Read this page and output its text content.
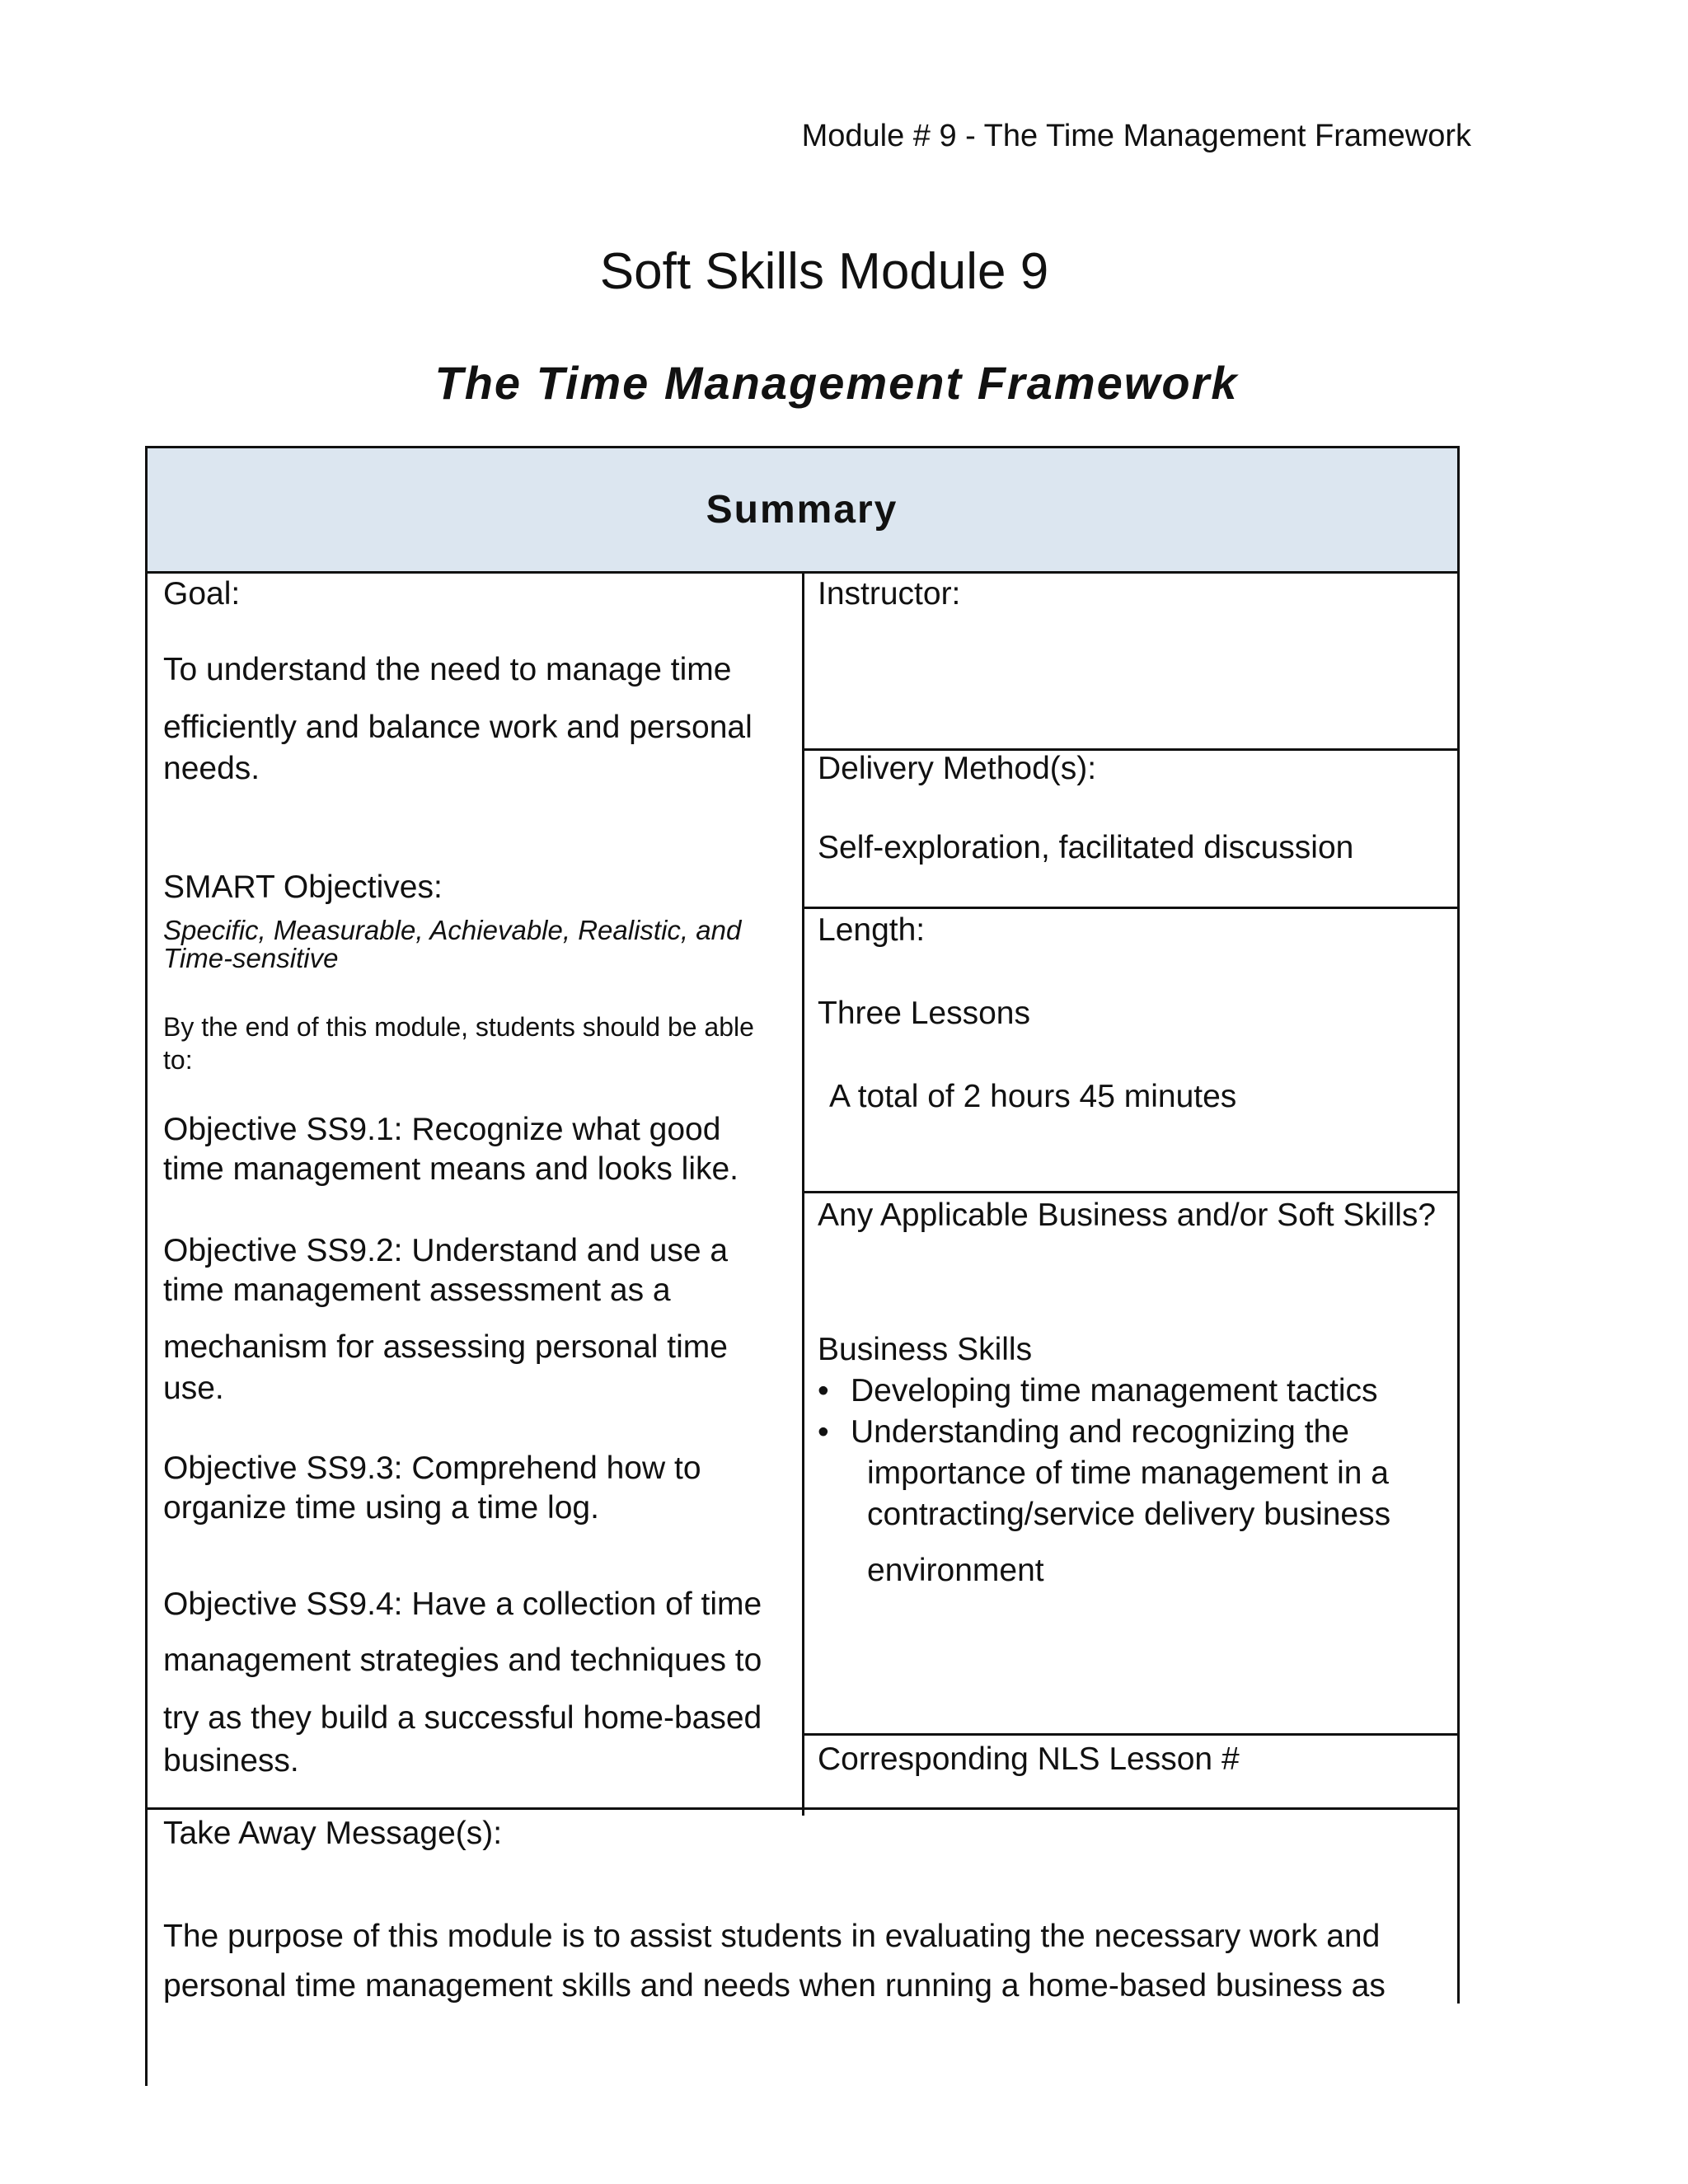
Module # 9 - The Time Management Framework
Soft Skills Module 9
The Time Management Framework
Summary
Goal:
To understand the need to manage time
efficiently and balance work and personal
needs.
SMART Objectives:
Specific, Measurable, Achievable, Realistic, and Time-sensitive
By the end of this module, students should be able to:
Objective SS9.1: Recognize what good
time management means and looks like.
Objective SS9.2: Understand and use a
time management assessment as a
mechanism for assessing personal time
use.
Objective SS9.3: Comprehend how to
organize time using a time log.
Objective SS9.4: Have a collection of time
management strategies and techniques to
try as they build a successful home-based
business.
Instructor:
Delivery Method(s):
Self-exploration, facilitated discussion
Length:
Three Lessons
A total of 2 hours 45 minutes
Any Applicable Business and/or Soft Skills?
Business Skills
• Developing time management tactics
• Understanding and recognizing the
importance of time management in a
contracting/service delivery business
environment
Corresponding NLS Lesson #
Take Away Message(s):
The purpose of this module is to assist students in evaluating the necessary work and
personal time management skills and needs when running a home-based business as
